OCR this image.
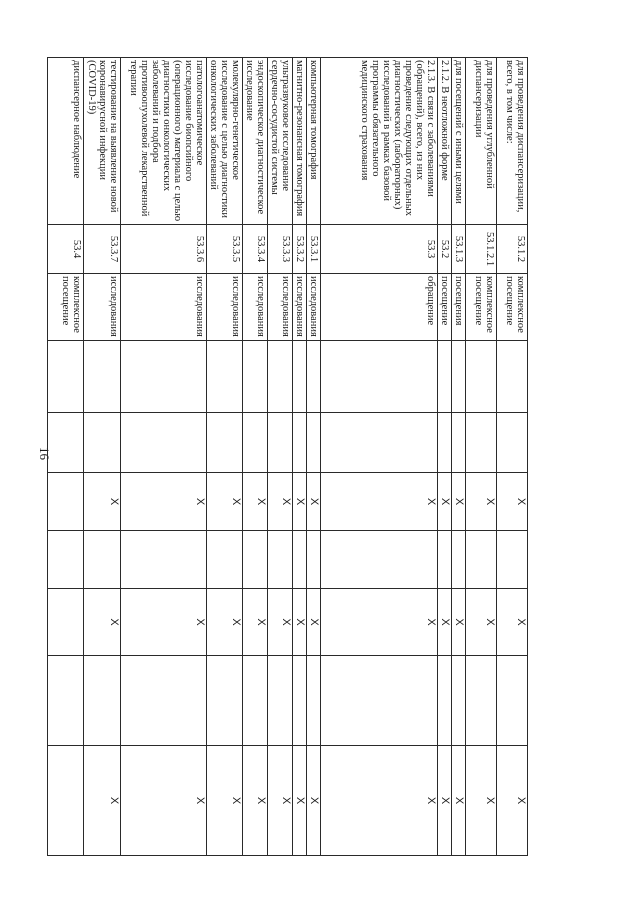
16
для проведения диспансеризации, всего, в том числе:	53.1.2	комплексное посещение			X		X		X
для проведения углубленной диспансеризации	53.1.2.1	комплексное посещение			X		X		X
для посещений с иными целями	53.1.3	посещения			X		X		X
2.1.2. В неотложной форме	53.2	посещение			X		X		X
2.1.3. В связи с заболеваниями (обращений), всего, из них проведение следующих отдельных диагностических (лабораторных) исследований в рамках базовой программы обязательного медицинского страхования	53.3	обращение			X		X		X
компьютерная томография	53.3.1	исследования			X		X		X
магнитно-резонансная томография	53.3.2	исследования			X		X		X
ультразвуковое исследование сердечно-сосудистой системы	53.3.3	исследования			X		X		X
эндоскопическое диагностическое исследование	53.3.4	исследования			X		X		X
молекулярно-генетическое исследование с целью диагностики онкологических заболеваний	53.3.5	исследования			X		X		X
патологоанатомическое исследование биопсийного (операционного) материала с целью диагностики онкологических заболеваний и подбора противоопухолевой лекарственной терапии	53.3.6	исследования			X		X		X
тестирование на выявление новой коронавирусной инфекции (COVID-19)	53.3.7	исследования			X		X		X
диспансерное наблюдение	53.4	комплексное посещение							
